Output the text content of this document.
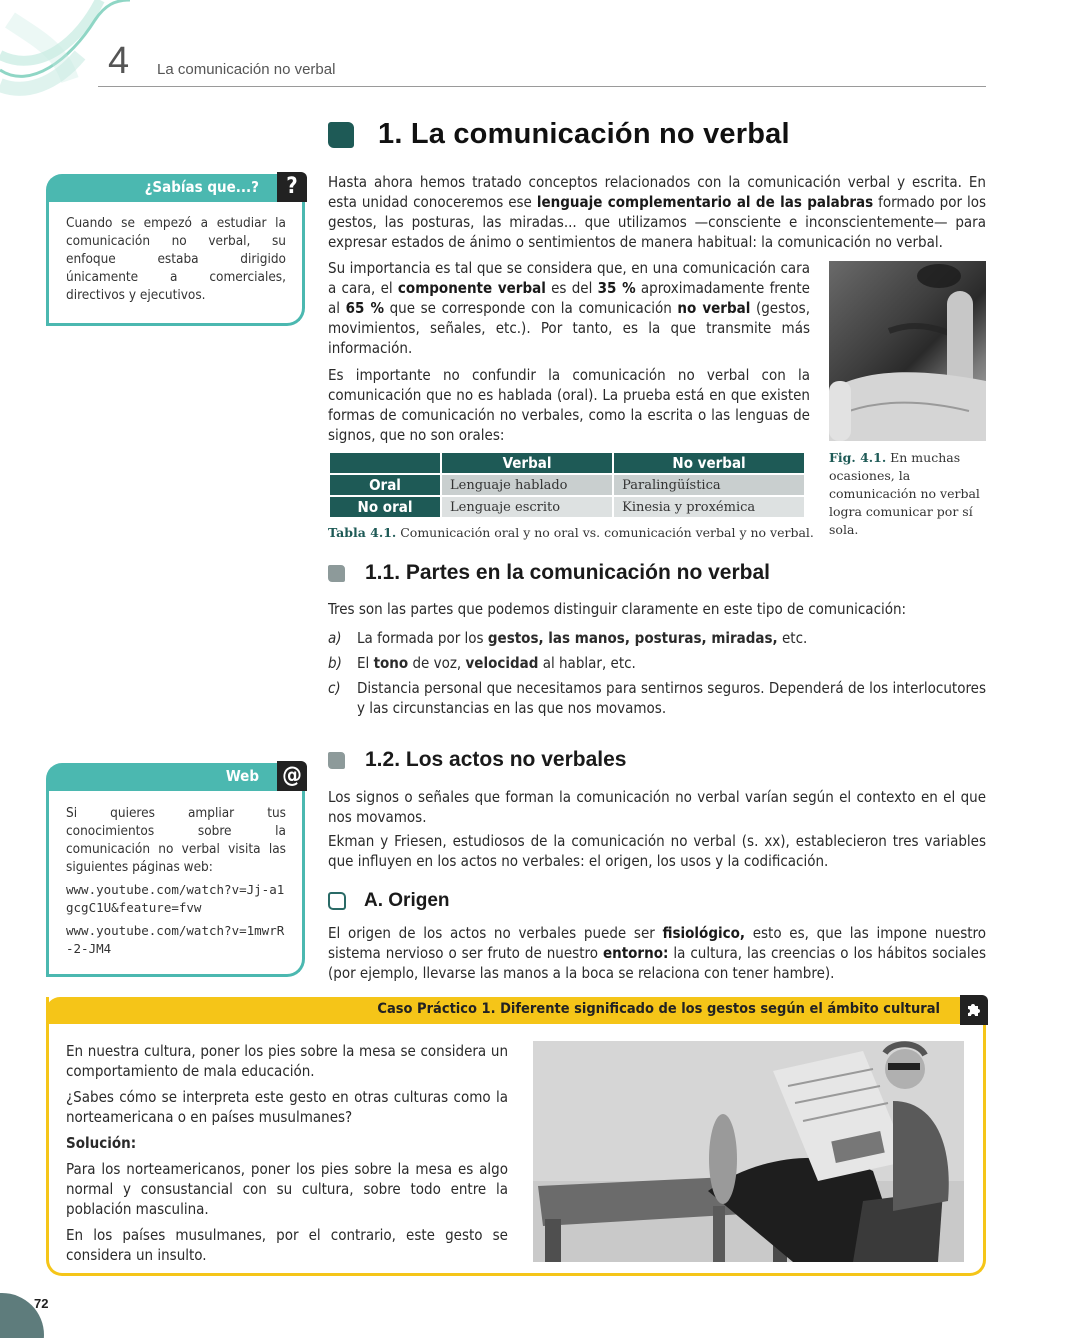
4 La comunicación no verbal
1. La comunicación no verbal

Hasta ahora hemos tratado conceptos relacionados con la comunicación verbal y escrita. En esta unidad conoceremos ese lenguaje complementario al de las palabras formado por los gestos, las posturas, las miradas... que utilizamos —consciente e inconscientemente— para expresar estados de ánimo o sentimientos de manera habitual: la comunicación no verbal.

Su importancia es tal que se considera que, en una comunicación cara a cara, el componente verbal es del 35 % aproximadamente frente al 65 % que se corresponde con la comunicación no verbal (gestos, movimientos, señales, etc.). Por tanto, es la que transmite más información.

Es importante no confundir la comunicación no verbal con la comunicación que no es hablada (oral). La prueba está en que existen formas de comunicación no verbales, como la escrita o las lenguas de signos, que no son orales:

	Verbal	No verbal
Oral	Lenguaje hablado	Paralingüística
No oral	Lenguaje escrito	Kinesia y proxémica
Tabla 4.1. Comunicación oral y no oral vs. comunicación verbal y no verbal.
Fig. 4.1. En muchas ocasiones, la comunicación no verbal logra comunicar por sí sola.
1.1. Partes en la comunicación no verbal

Tres son las partes que podemos distinguir claramente en este tipo de comunicación:

a)	La formada por los gestos, las manos, posturas, miradas, etc.
b)	El tono de voz, velocidad al hablar, etc.
c)	Distancia personal que necesitamos para sentirnos seguros. Dependerá de los interlocutores y las circunstancias en las que nos movamos.
1.2. Los actos no verbales

Los signos o señales que forman la comunicación no verbal varían según el contexto en el que nos movamos.

Ekman y Friesen, estudiosos de la comunicación no verbal (s. xx), establecieron tres variables que influyen en los actos no verbales: el origen, los usos y la codificación.

A. Origen

El origen de los actos no verbales puede ser fisiológico, esto es, que las impone nuestro sistema nervioso o ser fruto de nuestro entorno: la cultura, las creencias o los hábitos sociales (por ejemplo, llevarse las manos a la boca se relaciona con tener hambre).

¿Sabías que...?	?

Cuando se empezó a estudiar la comunicación no verbal, su enfoque estaba dirigido únicamente a comerciales, directivos y ejecutivos.

Web @

Si quieres ampliar tus conocimientos sobre la comunicación no verbal visita las siguientes páginas web:

www.youtube.com/watch?v=Jj-a1gcgC1U&feature=fvw

www.youtube.com/watch?v=1mwrR-2-JM4

Caso Práctico 1. Diferente significado de los gestos según el ámbito cultural

En nuestra cultura, poner los pies sobre la mesa se considera un comportamiento de mala educación.

¿Sabes cómo se interpreta este gesto en otras culturas como la norteamericana o en países musulmanes?

Solución:

Para los norteamericanos, poner los pies sobre la mesa es algo normal y consustancial con su cultura, sobre todo entre la población masculina.

En los países musulmanes, por el contrario, este gesto se considera un insulto.

72
